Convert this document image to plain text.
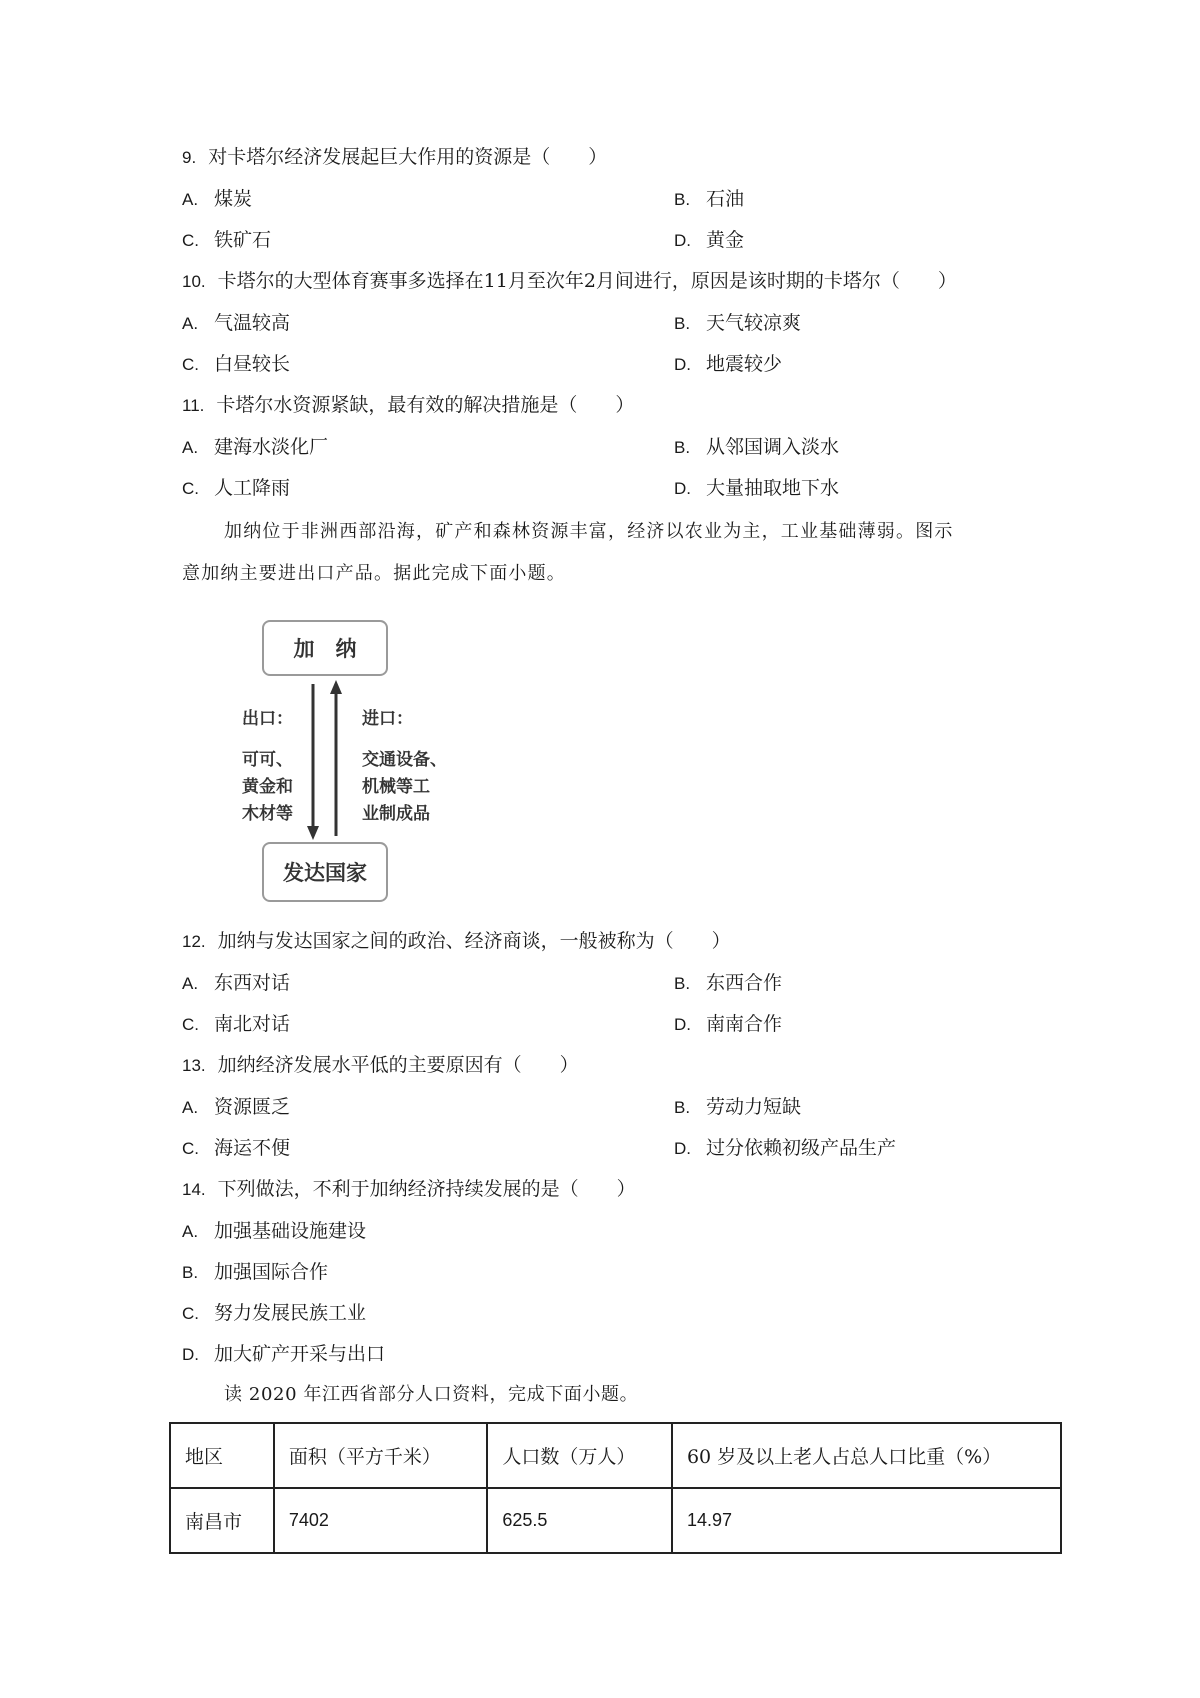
9. 对卡塔尔经济发展起巨大作用的资源是（　　）
A. 煤炭	B. 石油
C. 铁矿石	D. 黄金
10. 卡塔尔的大型体育赛事多选择在11月至次年2月间进行，原因是该时期的卡塔尔（　　）
A. 气温较高	B. 天气较凉爽
C. 白昼较长	D. 地震较少
11. 卡塔尔水资源紧缺，最有效的解决措施是（　　）
A. 建海水淡化厂	B. 从邻国调入淡水
C. 人工降雨	D. 大量抽取地下水
加纳位于非洲西部沿海，矿产和森林资源丰富，经济以农业为主，工业基础薄弱。图示
意加纳主要进出口产品。据此完成下面小题。
加　纳
发达国家
出口：
可可、
黄金和
木材等
进口：
交通设备、
机械等工
业制成品
12. 加纳与发达国家之间的政治、经济商谈，一般被称为（　　）
A. 东西对话	B. 东西合作
C. 南北对话	D. 南南合作
13. 加纳经济发展水平低的主要原因有（　　）
A. 资源匮乏	B. 劳动力短缺
C. 海运不便	D. 过分依赖初级产品生产
14. 下列做法，不利于加纳经济持续发展的是（　　）
A. 加强基础设施建设
B. 加强国际合作
C. 努力发展民族工业
D. 加大矿产开采与出口
读 2020 年江西省部分人口资料，完成下面小题。
地区	面积（平方千米）	人口数（万人）	60 岁及以上老人占总人口比重（%）
南昌市	7402	625.5	14.97
